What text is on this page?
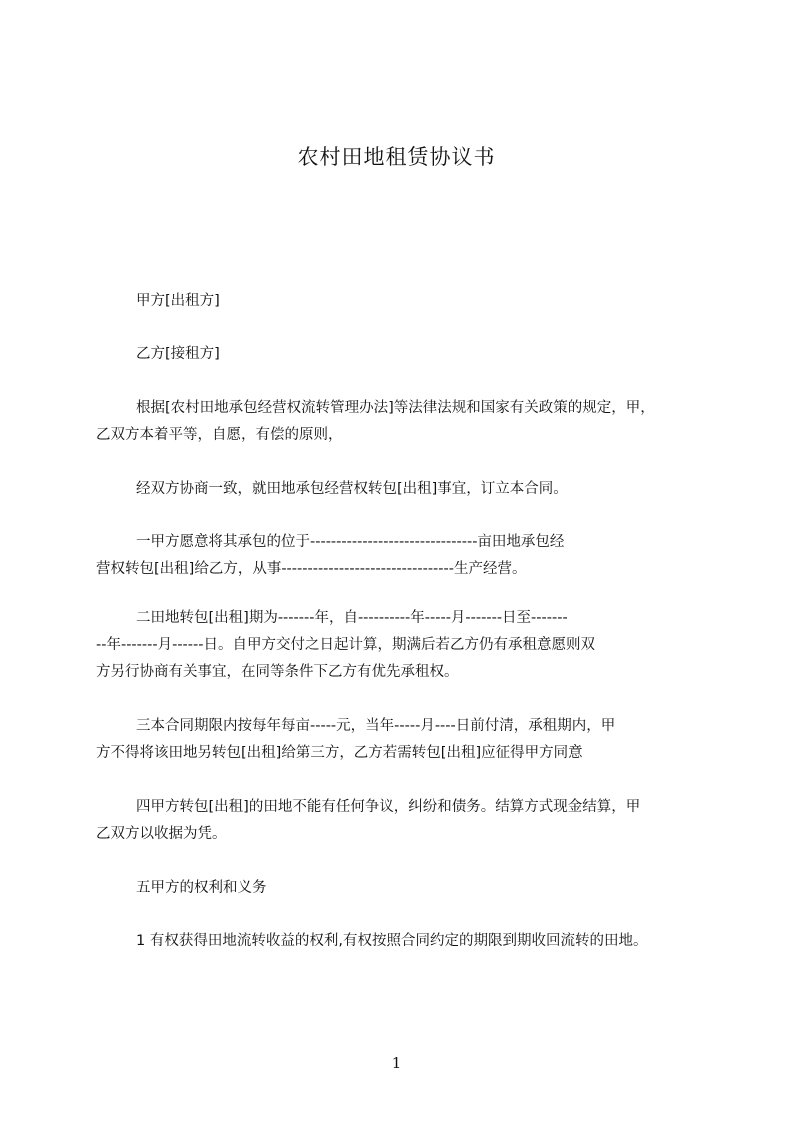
农村田地租赁协议书
甲方[出租方]
乙方[接租方]
根据[农村田地承包经营权流转管理办法]等法律法规和国家有关政策的规定，甲，
乙双方本着平等，自愿，有偿的原则，
经双方协商一致，就田地承包经营权转包[出租]事宜，订立本合同。
一甲方愿意将其承包的位于--------------------------------亩田地承包经
营权转包[出租]给乙方，从事---------------------------------生产经营。
二田地转包[出租]期为-------年，自----------年-----月-------日至-------
--年-------月------日。自甲方交付之日起计算，期满后若乙方仍有承租意愿则双
方另行协商有关事宜，在同等条件下乙方有优先承租权。
三本合同期限内按每年每亩-----元，当年-----月----日前付清，承租期内，甲
方不得将该田地另转包[出租]给第三方，乙方若需转包[出租]应征得甲方同意
四甲方转包[出租]的田地不能有任何争议，纠纷和债务。结算方式现金结算，甲
乙双方以收据为凭。
五甲方的权利和义务
1 有权获得田地流转收益的权利,有权按照合同约定的期限到期收回流转的田地。
1
